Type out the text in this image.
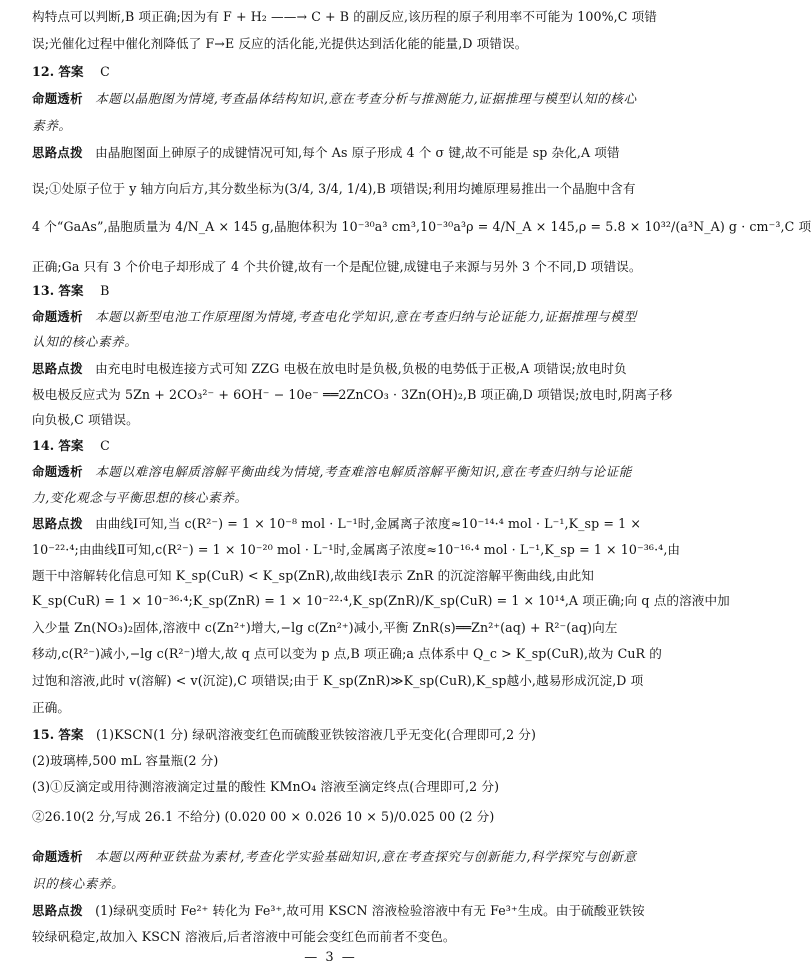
构特点可以判断,B 项正确;因为有 F + H₂ ——→ C + B 的副反应,该历程的原子利用率不可能为 100%,C 项错
误;光催化过程中催化剂降低了 F→E 反应的活化能,光提供达到活化能的能量,D 项错误。
12. 答案 C
命题透析 本题以晶胞图为情境,考查晶体结构知识,意在考查分析与推测能力,证据推理与模型认知的核心
素养。
思路点拨 由晶胞图面上砷原子的成键情况可知,每个 As 原子形成 4 个 σ 键,故不可能是 sp 杂化,A 项错
误;①处原子位于 y 轴方向后方,其分数坐标为(3/4, 3/4, 1/4),B 项错误;利用均摊原理易推出一个晶胞中含有
4 个“GaAs”,晶胞质量为 4/N_A × 145 g,晶胞体积为 10⁻³⁰a³ cm³,10⁻³⁰a³ρ = 4/N_A × 145,ρ = 5.8 × 10³²/(a³N_A) g · cm⁻³,C 项
正确;Ga 只有 3 个价电子却形成了 4 个共价键,故有一个是配位键,成键电子来源与另外 3 个不同,D 项错误。
13. 答案 B
命题透析 本题以新型电池工作原理图为情境,考查电化学知识,意在考查归纳与论证能力,证据推理与模型
认知的核心素养。
思路点拨 由充电时电极连接方式可知 ZZG 电极在放电时是负极,负极的电势低于正极,A 项错误;放电时负
极电极反应式为 5Zn + 2CO₃²⁻ + 6OH⁻ − 10e⁻ ══2ZnCO₃ · 3Zn(OH)₂,B 项正确,D 项错误;放电时,阴离子移
向负极,C 项错误。
14. 答案 C
命题透析 本题以难溶电解质溶解平衡曲线为情境,考查难溶电解质溶解平衡知识,意在考查归纳与论证能
力,变化观念与平衡思想的核心素养。
思路点拨 由曲线Ⅰ可知,当 c(R²⁻) = 1 × 10⁻⁸ mol · L⁻¹时,金属离子浓度≈10⁻¹⁴·⁴ mol · L⁻¹,K_sp = 1 ×
10⁻²²·⁴;由曲线Ⅱ可知,c(R²⁻) = 1 × 10⁻²⁰ mol · L⁻¹时,金属离子浓度≈10⁻¹⁶·⁴ mol · L⁻¹,K_sp = 1 × 10⁻³⁶·⁴,由
题干中溶解转化信息可知 K_sp(CuR) < K_sp(ZnR),故曲线Ⅰ表示 ZnR 的沉淀溶解平衡曲线,由此知
K_sp(CuR) = 1 × 10⁻³⁶·⁴;K_sp(ZnR) = 1 × 10⁻²²·⁴,K_sp(ZnR)/K_sp(CuR) = 1 × 10¹⁴,A 项正确;向 q 点的溶液中加
入少量 Zn(NO₃)₂固体,溶液中 c(Zn²⁺)增大,−lg c(Zn²⁺)减小,平衡 ZnR(s)══Zn²⁺(aq) + R²⁻(aq)向左
移动,c(R²⁻)减小,−lg c(R²⁻)增大,故 q 点可以变为 p 点,B 项正确;a 点体系中 Q_c > K_sp(CuR),故为 CuR 的
过饱和溶液,此时 v(溶解) < v(沉淀),C 项错误;由于 K_sp(ZnR)≫K_sp(CuR),K_sp越小,越易形成沉淀,D 项
正确。
15. 答案 (1)KSCN(1 分) 绿矾溶液变红色而硫酸亚铁铵溶液几乎无变化(合理即可,2 分)
(2)玻璃棒,500 mL 容量瓶(2 分)
(3)①反滴定或用待测溶液滴定过量的酸性 KMnO₄ 溶液至滴定终点(合理即可,2 分)
②26.10(2 分,写成 26.1 不给分) (0.020 00 × 0.026 10 × 5)/0.025 00 (2 分)
命题透析 本题以两种亚铁盐为素材,考查化学实验基础知识,意在考查探究与创新能力,科学探究与创新意
识的核心素养。
思路点拨 (1)绿矾变质时 Fe²⁺ 转化为 Fe³⁺,故可用 KSCN 溶液检验溶液中有无 Fe³⁺生成。由于硫酸亚铁铵
较绿矾稳定,故加入 KSCN 溶液后,后者溶液中可能会变红色而前者不变色。
— 3 —
